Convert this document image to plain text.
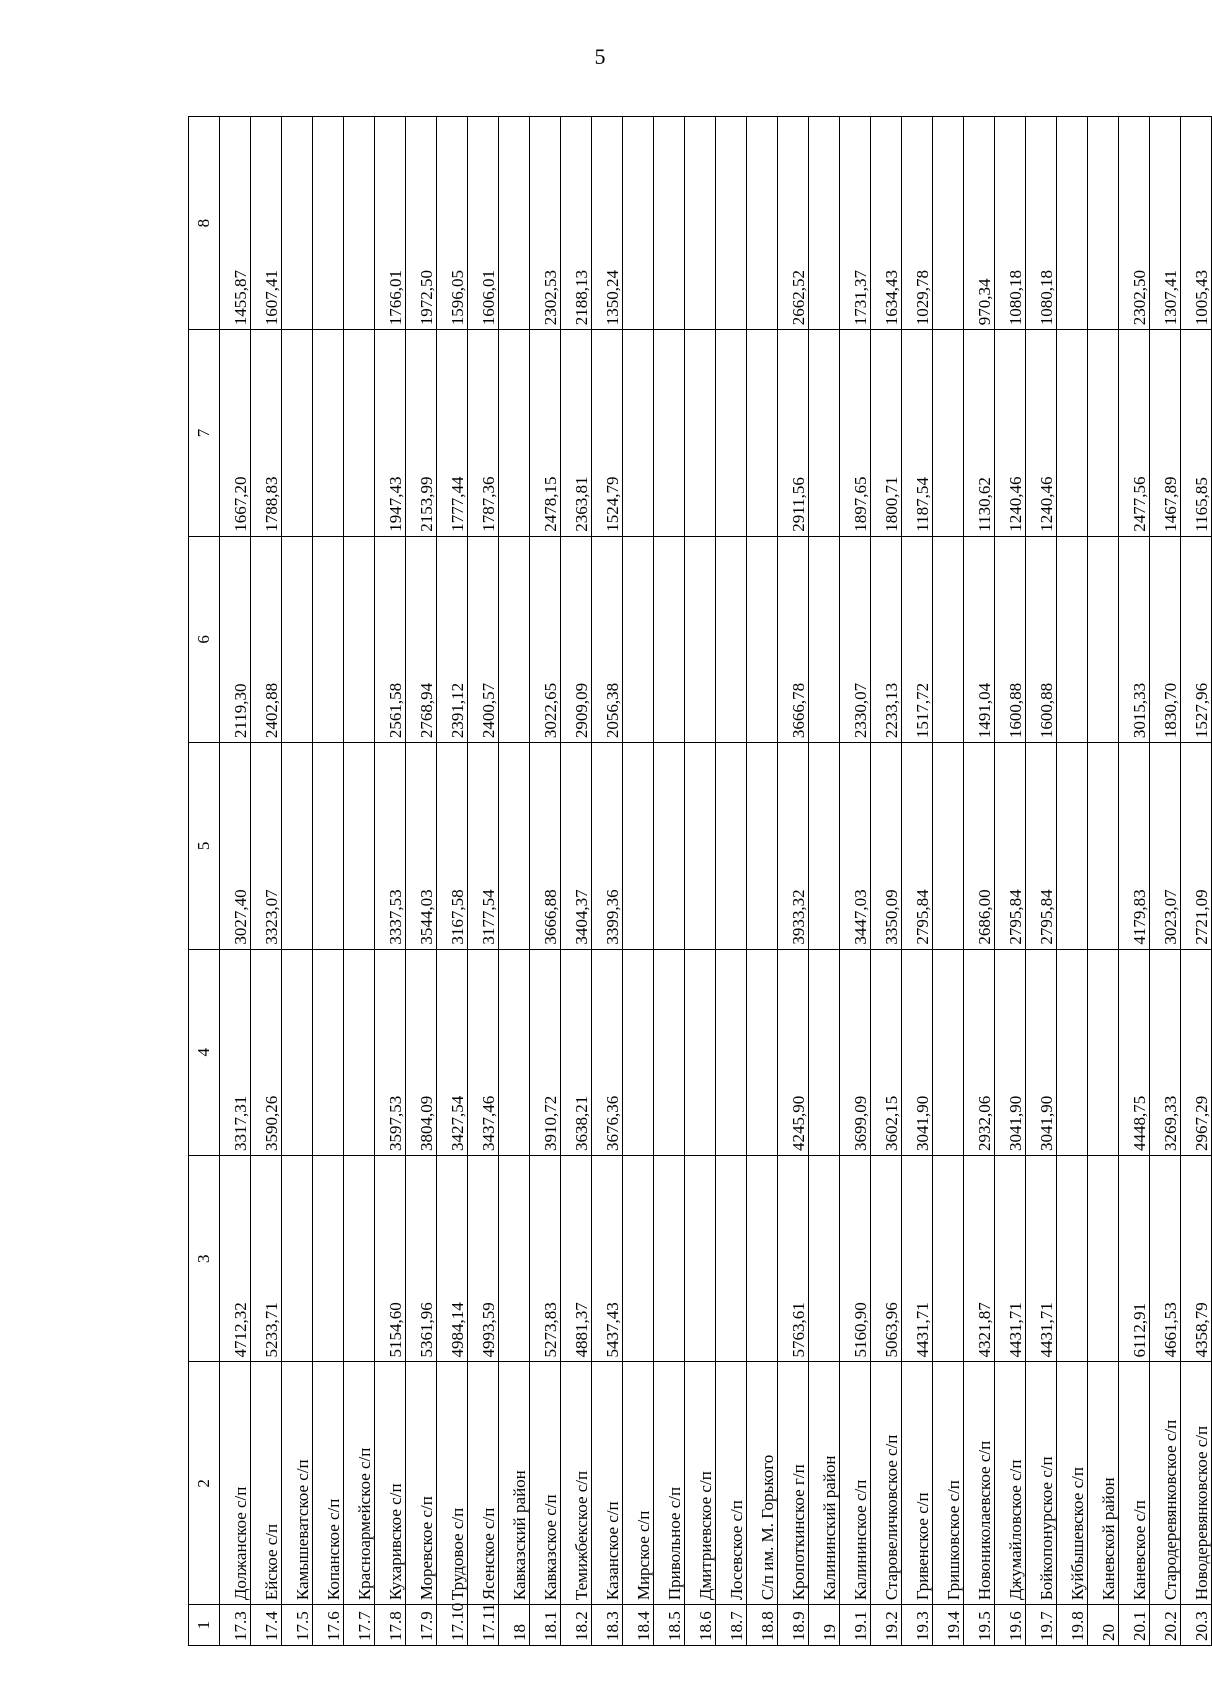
5
1	2	3	4	5	6	7	8
17.3	Должанское с/п	4712,32	3317,31	3027,40	2119,30	1667,20	1455,87
17.4	Ейское с/п	5233,71	3590,26	3323,07	2402,88	1788,83	1607,41
17.5	Камышеватское с/п						
17.6	Копанское с/п						
17.7	Красноармейское с/п						
17.8	Кухаривское с/п	5154,60	3597,53	3337,53	2561,58	1947,43	1766,01
17.9	Моревское с/п	5361,96	3804,09	3544,03	2768,94	2153,99	1972,50
17.10	Трудовое с/п	4984,14	3427,54	3167,58	2391,12	1777,44	1596,05
17.11	Ясенское с/п	4993,59	3437,46	3177,54	2400,57	1787,36	1606,01
18	Кавказский район						
18.1	Кавказское с/п	5273,83	3910,72	3666,88	3022,65	2478,15	2302,53
18.2	Темижбекское с/п	4881,37	3638,21	3404,37	2909,09	2363,81	2188,13
18.3	Казанское с/п	5437,43	3676,36	3399,36	2056,38	1524,79	1350,24
18.4	Мирское с/п						
18.5	Привольное с/п						
18.6	Дмитриевское с/п						
18.7	Лосевское с/п						
18.8	С/п им. М. Горького						
18.9	Кропоткинское г/п	5763,61	4245,90	3933,32	3666,78	2911,56	2662,52
19	Калининский район						
19.1	Калининское с/п	5160,90	3699,09	3447,03	2330,07	1897,65	1731,37
19.2	Старовеличковское с/п	5063,96	3602,15	3350,09	2233,13	1800,71	1634,43
19.3	Гривенское с/п	4431,71	3041,90	2795,84	1517,72	1187,54	1029,78
19.4	Гришковское с/п						
19.5	Новониколаевское с/п	4321,87	2932,06	2686,00	1491,04	1130,62	970,34
19.6	Джумайловское с/п	4431,71	3041,90	2795,84	1600,88	1240,46	1080,18
19.7	Бойкопонурское с/п	4431,71	3041,90	2795,84	1600,88	1240,46	1080,18
19.8	Куйбышевское с/п						
20	Каневской район						
20.1	Каневское с/п	6112,91	4448,75	4179,83	3015,33	2477,56	2302,50
20.2	Стародеревянковское с/п	4661,53	3269,33	3023,07	1830,70	1467,89	1307,41
20.3	Новодеревянковское с/п	4358,79	2967,29	2721,09	1527,96	1165,85	1005,43
